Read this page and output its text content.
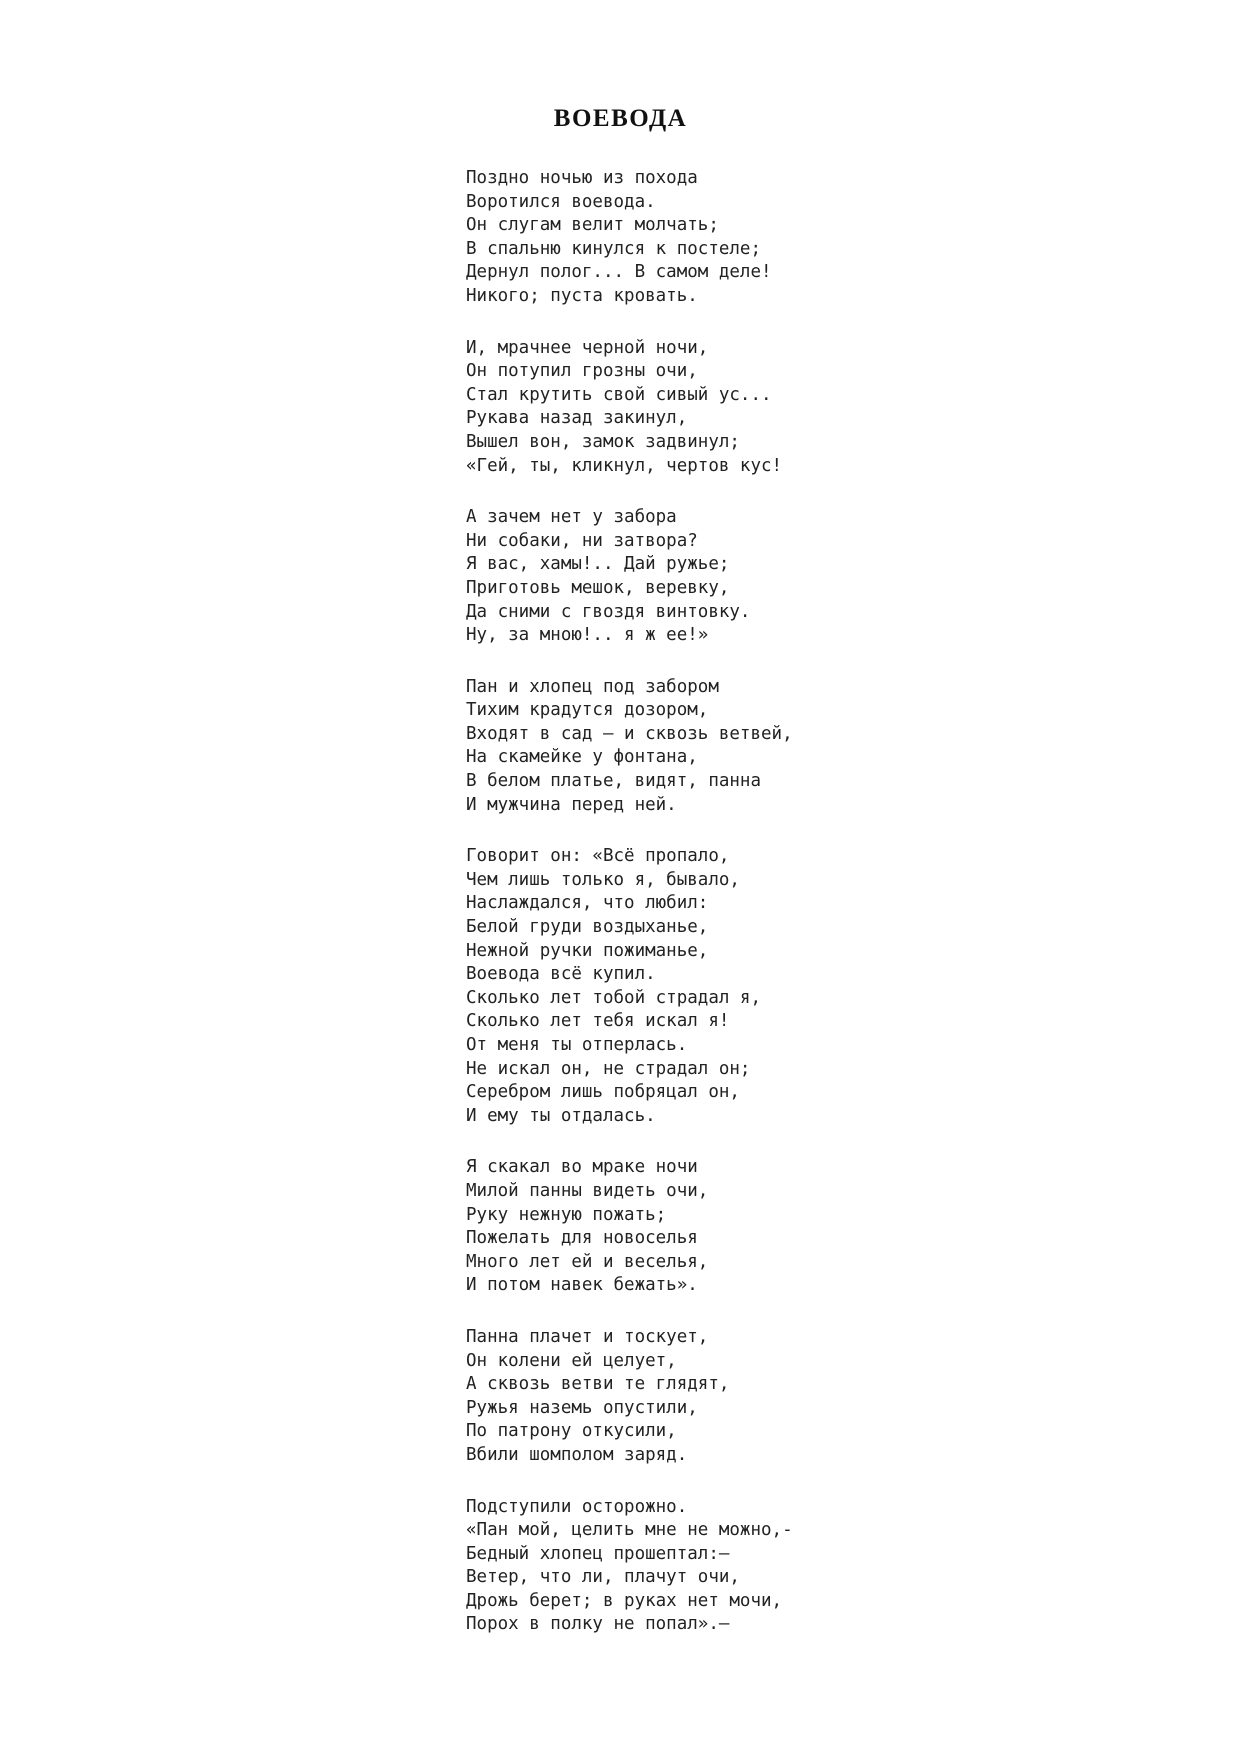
ВОЕВОДА
Поздно ночью из похода
Воротился воевода.
Он слугам велит молчать;
В спальню кинулся к постеле;
Дернул полог... В самом деле!
Никого; пуста кровать.
И, мрачнее черной ночи,
Он потупил грозны очи,
Стал крутить свой сивый ус...
Рукава назад закинул,
Вышел вон, замок задвинул;
«Гей, ты, кликнул, чертов кус!
А зачем нет у забора
Ни собаки, ни затвора?
Я вас, хамы!.. Дай ружье;
Приготовь мешок, веревку,
Да сними с гвоздя винтовку.
Ну, за мною!.. я ж ее!»
Пан и хлопец под забором
Тихим крадутся дозором,
Входят в сад — и сквозь ветвей,
На скамейке у фонтана,
В белом платье, видят, панна
И мужчина перед ней.
Говорит он: «Всё пропало,
Чем лишь только я, бывало,
Наслаждался, что любил:
Белой груди воздыханье,
Нежной ручки пожиманье,
Воевода всё купил.
Сколько лет тобой страдал я,
Сколько лет тебя искал я!
От меня ты отперлась.
Не искал он, не страдал он;
Серебром лишь побряцал он,
И ему ты отдалась.
Я скакал во мраке ночи
Милой панны видеть очи,
Руку нежную пожать;
Пожелать для новоселья
Много лет ей и веселья,
И потом навек бежать».
Панна плачет и тоскует,
Он колени ей целует,
А сквозь ветви те глядят,
Ружья наземь опустили,
По патрону откусили,
Вбили шомполом заряд.
Подступили осторожно.
«Пан мой, целить мне не можно,-
Бедный хлопец прошептал:—
Ветер, что ли, плачут очи,
Дрожь берет; в руках нет мочи,
Порох в полку не попал».—
